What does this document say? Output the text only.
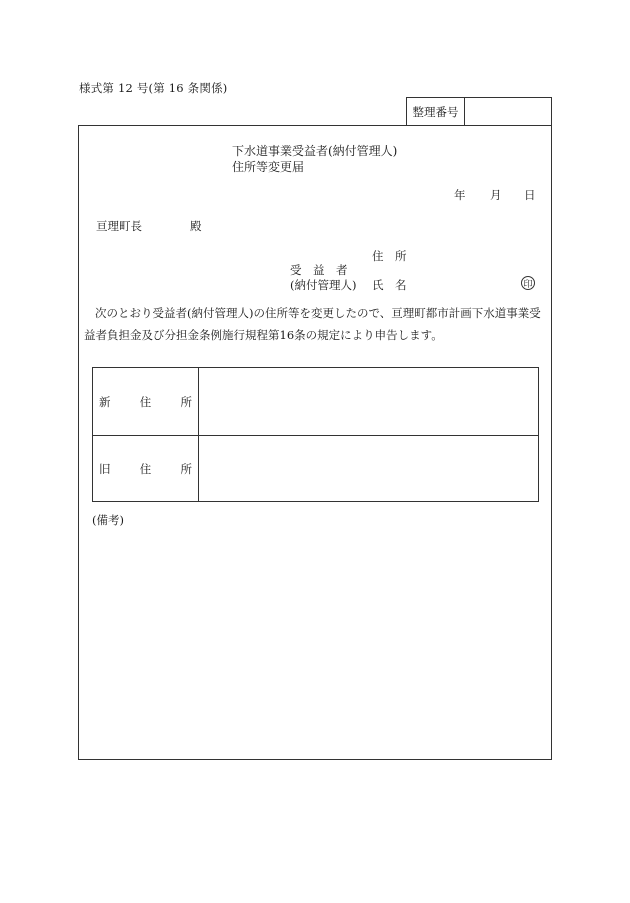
様式第 12 号(第 16 条関係)
整理番号
下水道事業受益者(納付管理人)住所等変更届
年 月 日
亘理町長	殿
住　所
受　益　者
(納付管理人) 氏　名	印
次のとおり受益者(納付管理人)の住所等を変更したので、亘理町都市計画下水道事業受益者負担金及び分担金条例施行規程第16条の規定により申告します。
新	住	所
旧	住	所
(備考)
